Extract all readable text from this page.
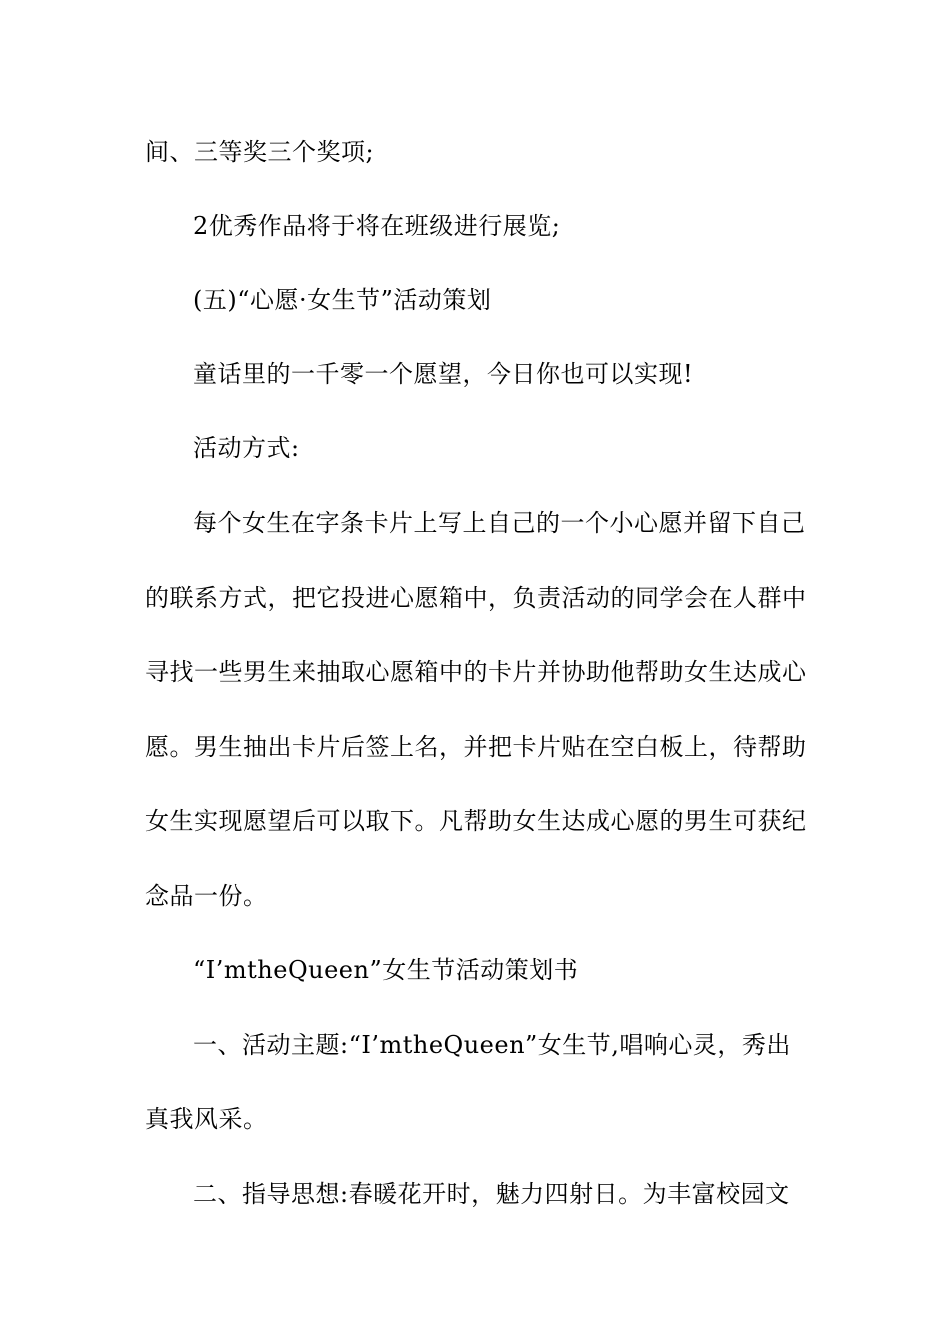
间、三等奖三个奖项;
2优秀作品将于将在班级进行展览;
(五)“心愿·女生节”活动策划
童话里的一千零一个愿望，今日你也可以实现!
活动方式:
每个女生在字条卡片上写上自己的一个小心愿并留下自己
的联系方式，把它投进心愿箱中，负责活动的同学会在人群中
寻找一些男生来抽取心愿箱中的卡片并协助他帮助女生达成心
愿。男生抽出卡片后签上名，并把卡片贴在空白板上，待帮助
女生实现愿望后可以取下。凡帮助女生达成心愿的男生可获纪
念品一份。
“I’mtheQueen”女生节活动策划书
一、活动主题:“I’mtheQueen”女生节,唱响心灵，秀出
真我风采。
二、指导思想:春暖花开时，魅力四射日。为丰富校园文
